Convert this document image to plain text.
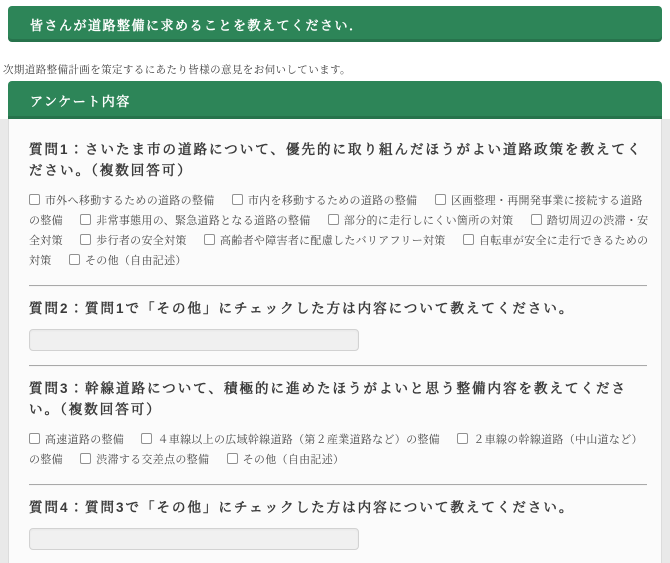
皆さんが道路整備に求めることを教えてください．
次期道路整備計画を策定するにあたり皆様の意見をお伺いしています。
アンケート内容
質問1：さいたま市の道路について、優先的に取り組んだほうがよい道路政策を教えてください。（複数回答可）
市外へ移動するための道路の整備	市内を移動するための道路の整備	区画整理・再開発事業に接続する道路の整備	非常事態用の、緊急道路となる道路の整備	部分的に走行しにくい箇所の対策	踏切周辺の渋滞・安全対策	歩行者の安全対策	高齢者や障害者に配慮したバリアフリー対策	自転車が安全に走行できるための対策	その他（自由記述）
質問2：質問1で「その他」にチェックした方は内容について教えてください。
質問3：幹線道路について、積極的に進めたほうがよいと思う整備内容を教えてください。（複数回答可）
高速道路の整備	４車線以上の広域幹線道路（第２産業道路など）の整備	２車線の幹線道路（中山道など）の整備	渋滞する交差点の整備	その他（自由記述）
質問4：質問3で「その他」にチェックした方は内容について教えてください。
